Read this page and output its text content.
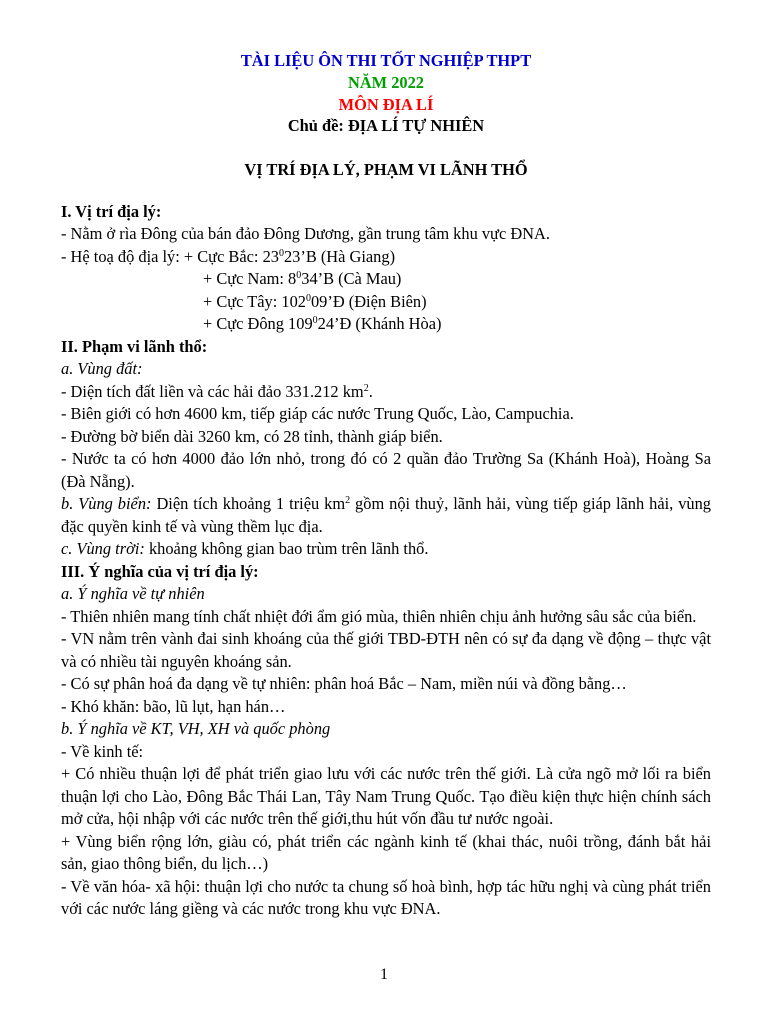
TÀI LIỆU ÔN THI TỐT NGHIỆP THPT

NĂM 2022

MÔN ĐỊA LÍ

Chủ đề: ĐỊA LÍ TỰ NHIÊN

VỊ TRÍ ĐỊA LÝ, PHẠM VI LÃNH THỔ

I. Vị trí địa lý:

- Nằm ở rìa Đông của bán đảo Đông Dương, gần trung tâm khu vực ĐNA.

- Hệ toạ độ địa lý: + Cực Bắc: $23^023’B$ (Hà Giang)

+ Cực Nam: $8^034’B$ (Cà Mau)

+ Cực Tây: $102^009’Đ$ (Điện Biên)

+ Cực Đông $109^024’Đ$ (Khánh Hòa)

II. Phạm vi lãnh thổ:

a. Vùng đất:

- Diện tích đất liền và các hải đảo 331.212 $km^2$.

- Biên giới có hơn 4600 km, tiếp giáp các nước Trung Quốc, Lào, Campuchia.

- Đường bờ biển dài 3260 km, có 28 tỉnh, thành giáp biển.

- Nước ta có hơn 4000 đảo lớn nhỏ, trong đó có 2 quần đảo Trường Sa (Khánh Hoà), Hoàng Sa (Đà Nẵng).

b. Vùng biển: Diện tích khoảng 1 triệu $km^2$ gồm nội thuỷ, lãnh hải, vùng tiếp giáp lãnh hải, vùng đặc quyền kinh tế và vùng thềm lục địa.

c. Vùng trời: khoảng không gian bao trùm trên lãnh thổ.

III. Ý nghĩa của vị trí địa lý:

a. Ý nghĩa về tự nhiên

- Thiên nhiên mang tính chất nhiệt đới ẩm gió mùa, thiên nhiên chịu ảnh hưởng sâu sắc của biển.

- VN nằm trên vành đai sinh khoáng của thế giới TBD-ĐTH nên có sự đa dạng về động – thực vật và có nhiều tài nguyên khoáng sản.

- Có sự phân hoá đa dạng về tự nhiên: phân hoá Bắc – Nam, miền núi và đồng bằng…

- Khó khăn: bão, lũ lụt, hạn hán…

b. Ý nghĩa về KT, VH, XH và quốc phòng

- Về kinh tế:

+ Có nhiều thuận lợi để phát triển giao lưu với các nước trên thế giới. Là cửa ngõ mở lối ra biển thuận lợi cho Lào, Đông Bắc Thái Lan, Tây Nam Trung Quốc. Tạo điều kiện thực hiện chính sách mở cửa, hội nhập với các nước trên thế giới,thu hút vốn đầu tư nước ngoài.

+ Vùng biển rộng lớn, giàu có, phát triển các ngành kinh tế (khai thác, nuôi trồng, đánh bắt hải sản, giao thông biển, du lịch…)

- Về văn hóa- xã hội: thuận lợi cho nước ta chung số hoà bình, hợp tác hữu nghị và cùng phát triển với các nước láng giềng và các nước trong khu vực ĐNA.

1
